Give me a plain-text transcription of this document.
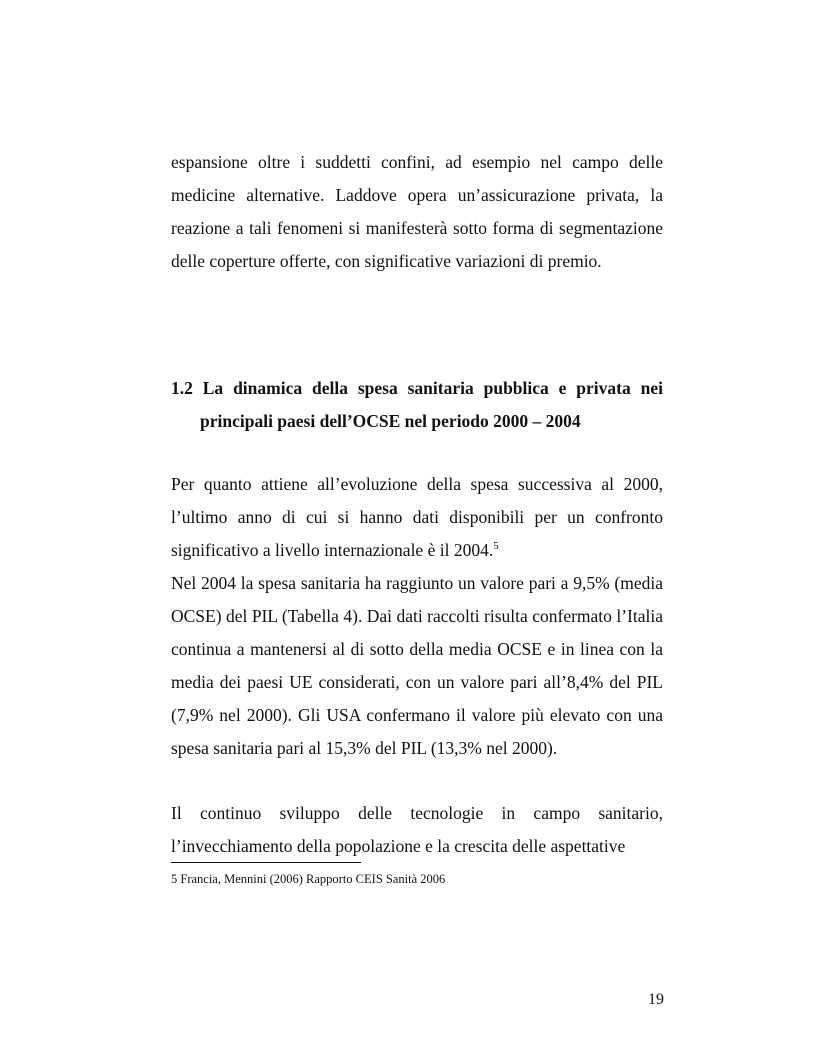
espansione oltre i suddetti confini, ad esempio nel campo delle medicine alternative. Laddove opera un’assicurazione privata, la reazione a tali fenomeni si manifesterà sotto forma di segmentazione delle coperture offerte, con significative variazioni di premio.

1.2 La dinamica della spesa sanitaria pubblica e privata nei
principali paesi dell’OCSE nel periodo 2000 – 2004

Per quanto attiene all’evoluzione della spesa successiva al 2000, l’ultimo anno di cui si hanno dati disponibili per un confronto significativo a livello internazionale è il 2004.$^5$

Nel 2004 la spesa sanitaria ha raggiunto un valore pari a 9,5% (media OCSE) del PIL (Tabella 4). Dai dati raccolti risulta confermato l’Italia continua a mantenersi al di sotto della media OCSE e in linea con la media dei paesi UE considerati, con un valore pari all’8,4% del PIL (7,9% nel 2000). Gli USA confermano il valore più elevato con una spesa sanitaria pari al 15,3% del PIL (13,3% nel 2000).

Il continuo sviluppo delle tecnologie in campo sanitario, l’invecchiamento della popolazione e la crescita delle aspettative

5 Francia, Mennini (2006) Rapporto CEIS Sanità 2006
19
